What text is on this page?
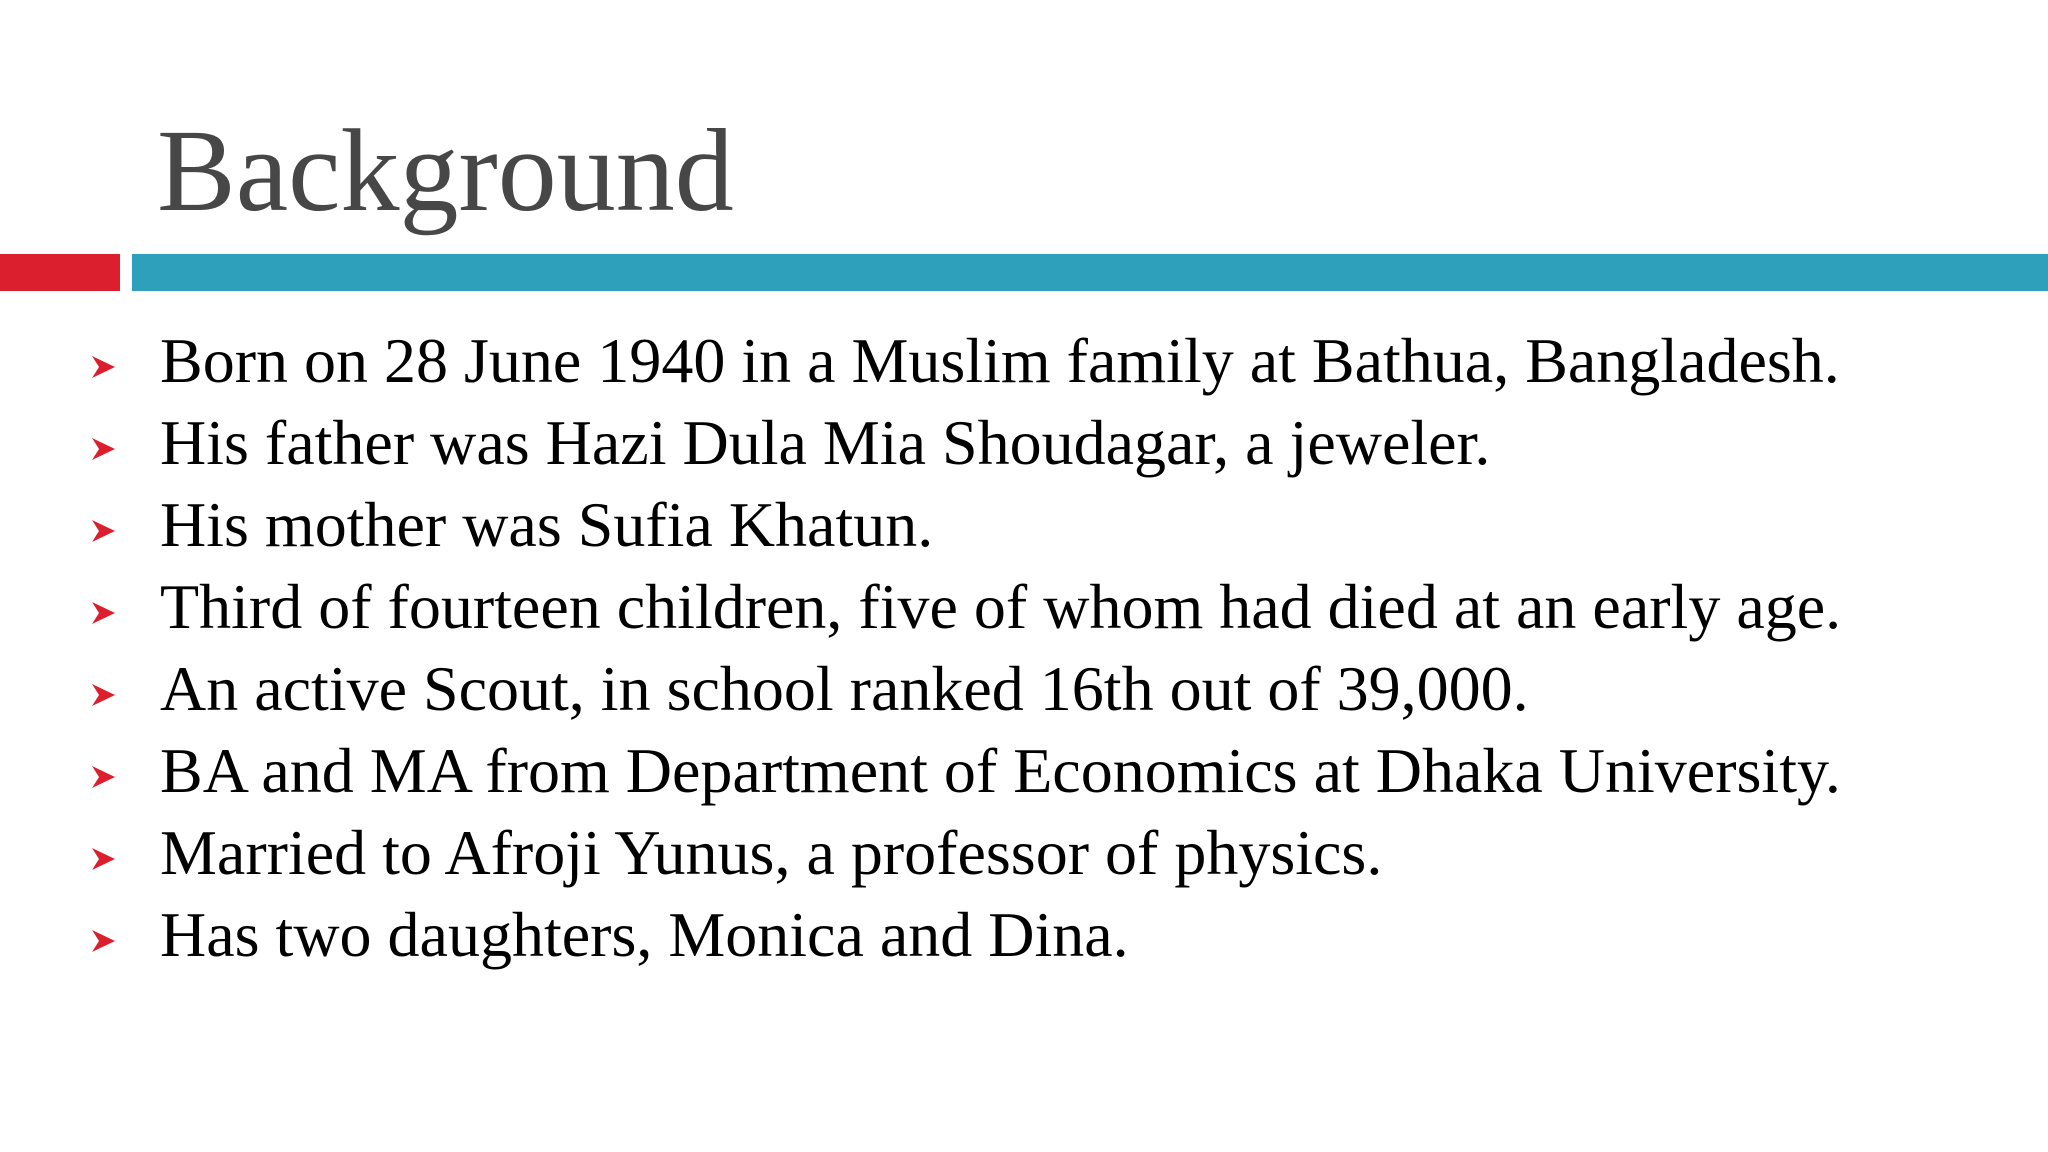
Background
Born on 28 June 1940 in a Muslim family at Bathua, Bangladesh.
His father was Hazi Dula Mia Shoudagar, a jeweler.
His mother was Sufia Khatun.
Third of fourteen children, five of whom had died at an early age.
An active Scout, in school ranked 16th out of 39,000.
BA and MA from Department of Economics at Dhaka University.
Married to Afroji Yunus, a professor of physics.
Has two daughters, Monica and Dina.
